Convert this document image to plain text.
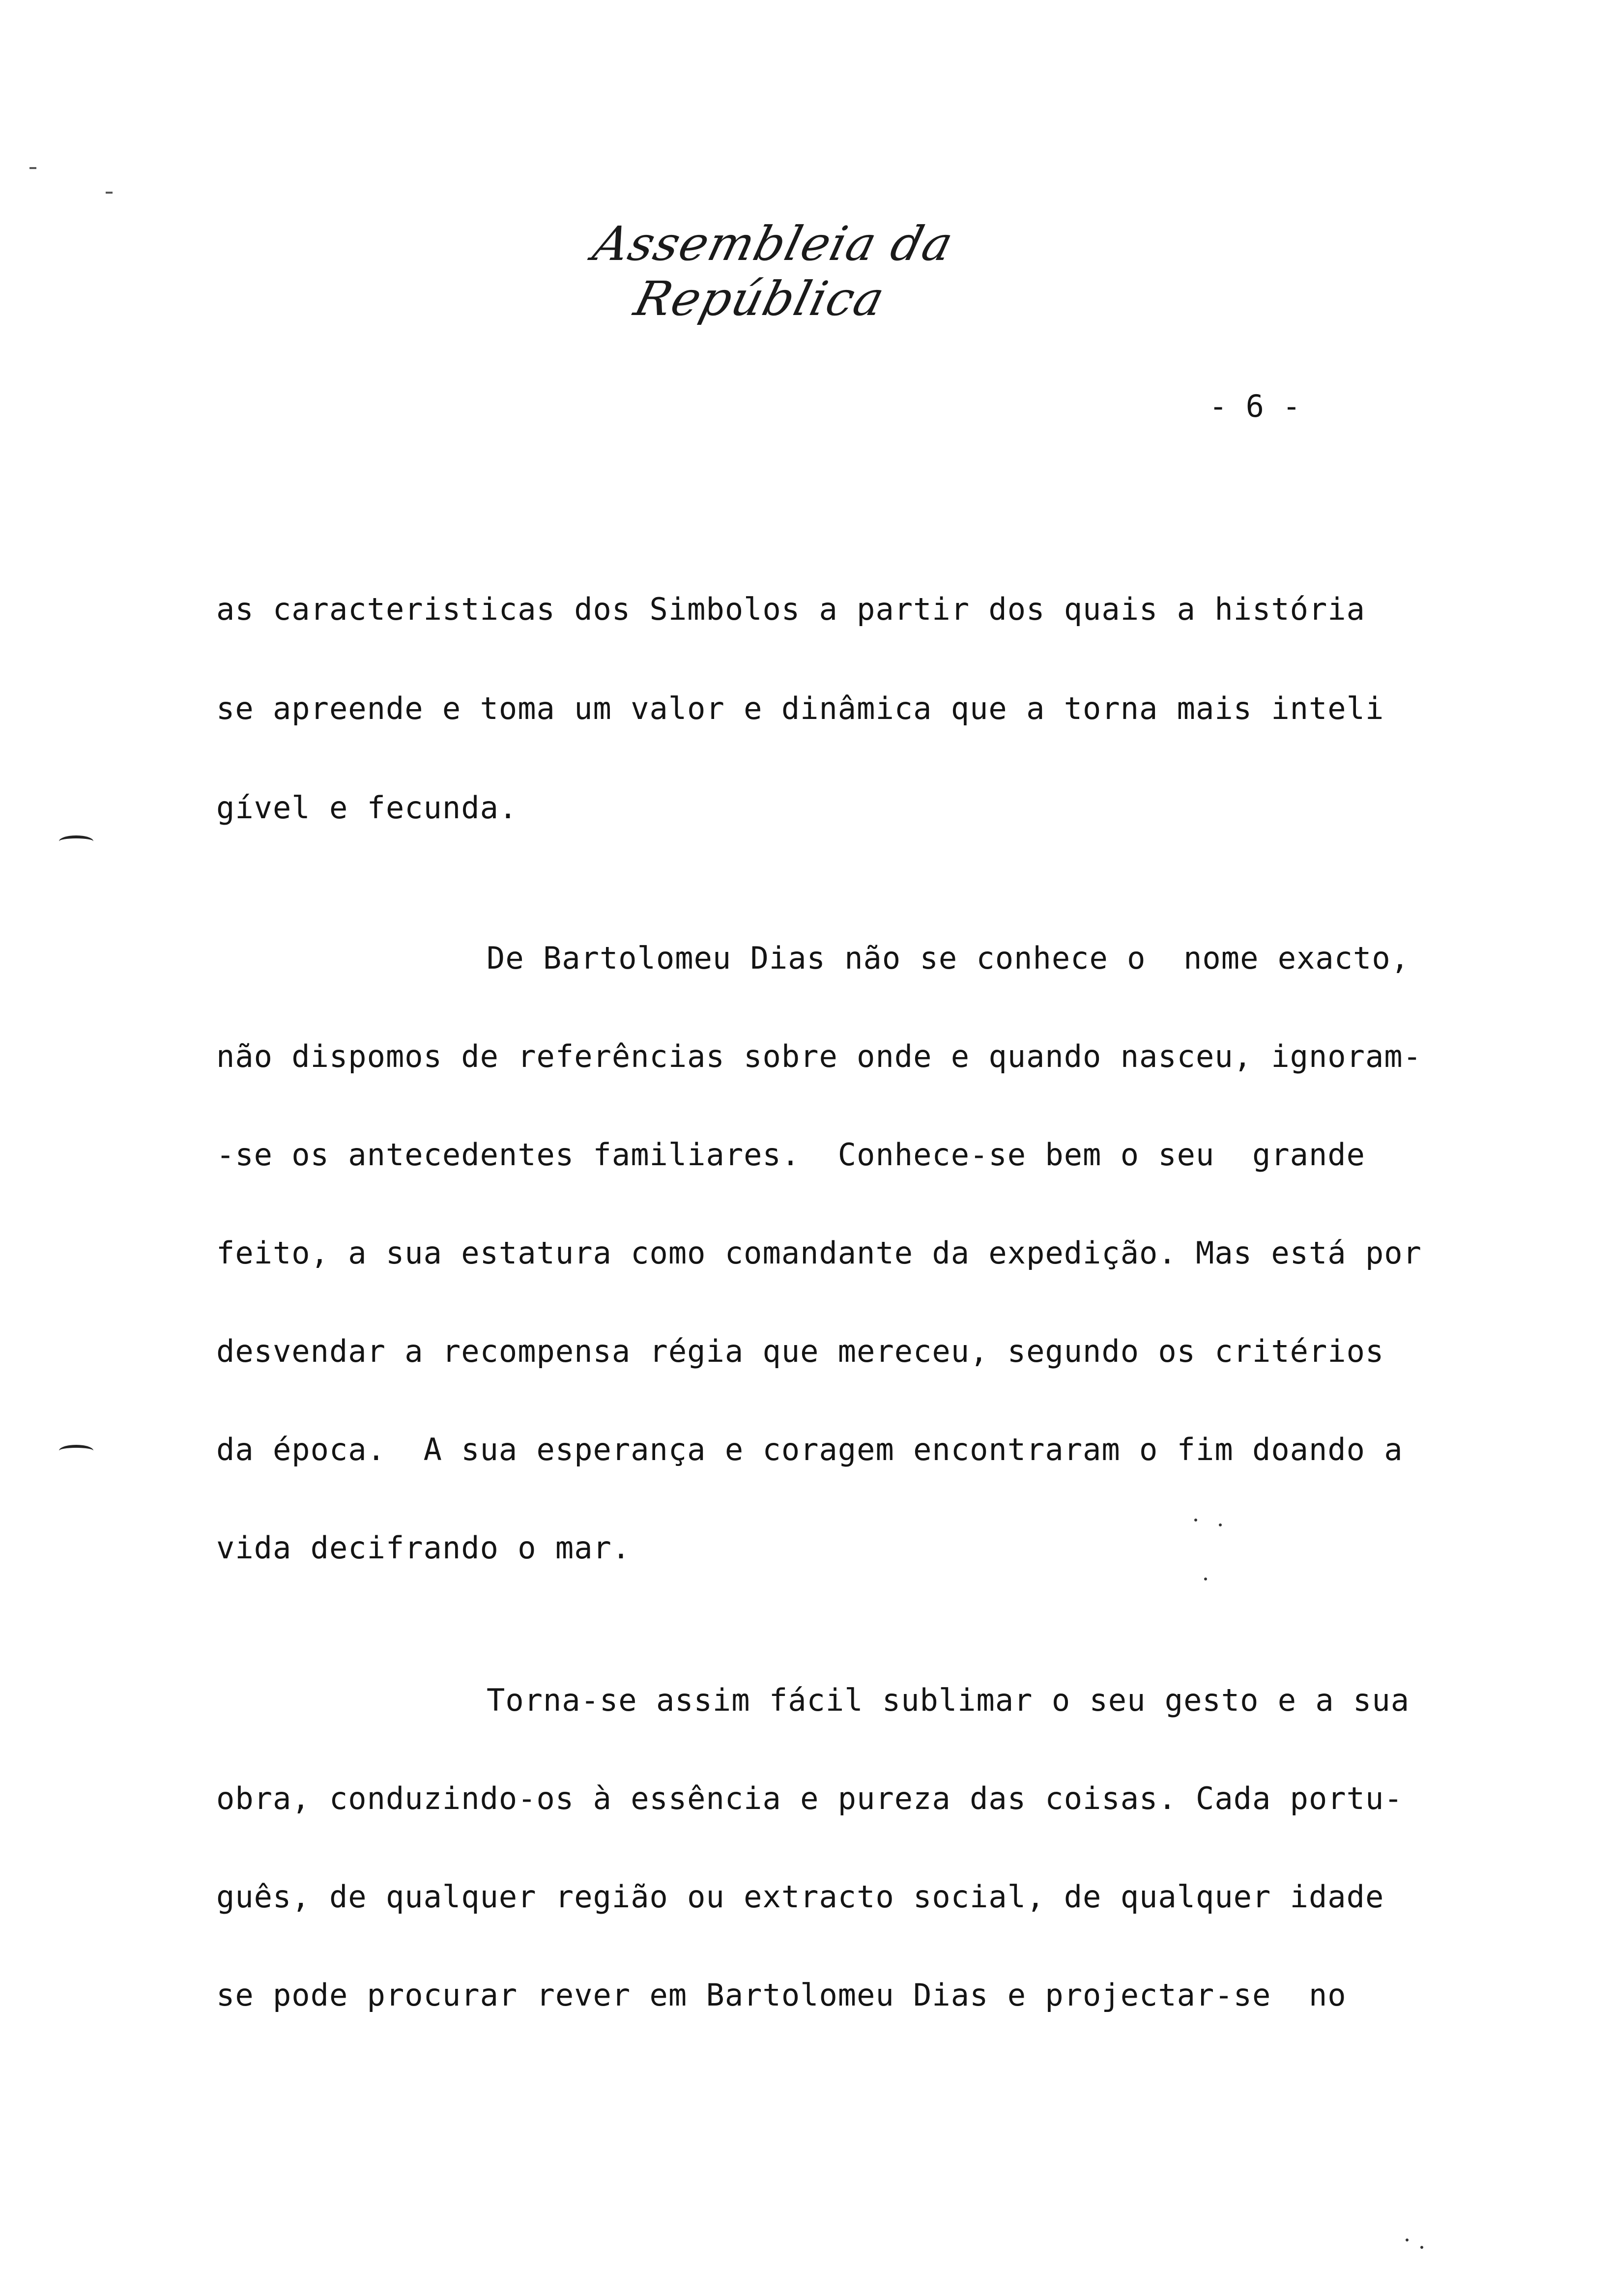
Assembleia da República
- 6 -
as caracteristicas dos Simbolos a partir dos quais a história
se apreende e toma um valor e dinâmica que a torna mais inteli
gível e fecunda.
De Bartolomeu Dias não se conhece o  nome exacto,
não dispomos de referências sobre onde e quando nasceu, ignoram-
-se os antecedentes familiares.  Conhece-se bem o seu  grande
feito, a sua estatura como comandante da expedição. Mas está por
desvendar a recompensa régia que mereceu, segundo os critérios
da época.  A sua esperança e coragem encontraram o fim doando a
vida decifrando o mar.
Torna-se assim fácil sublimar o seu gesto e a sua
obra, conduzindo-os à essência e pureza das coisas. Cada portu-
guês, de qualquer região ou extracto social, de qualquer idade
se pode procurar rever em Bartolomeu Dias e projectar-se  no
